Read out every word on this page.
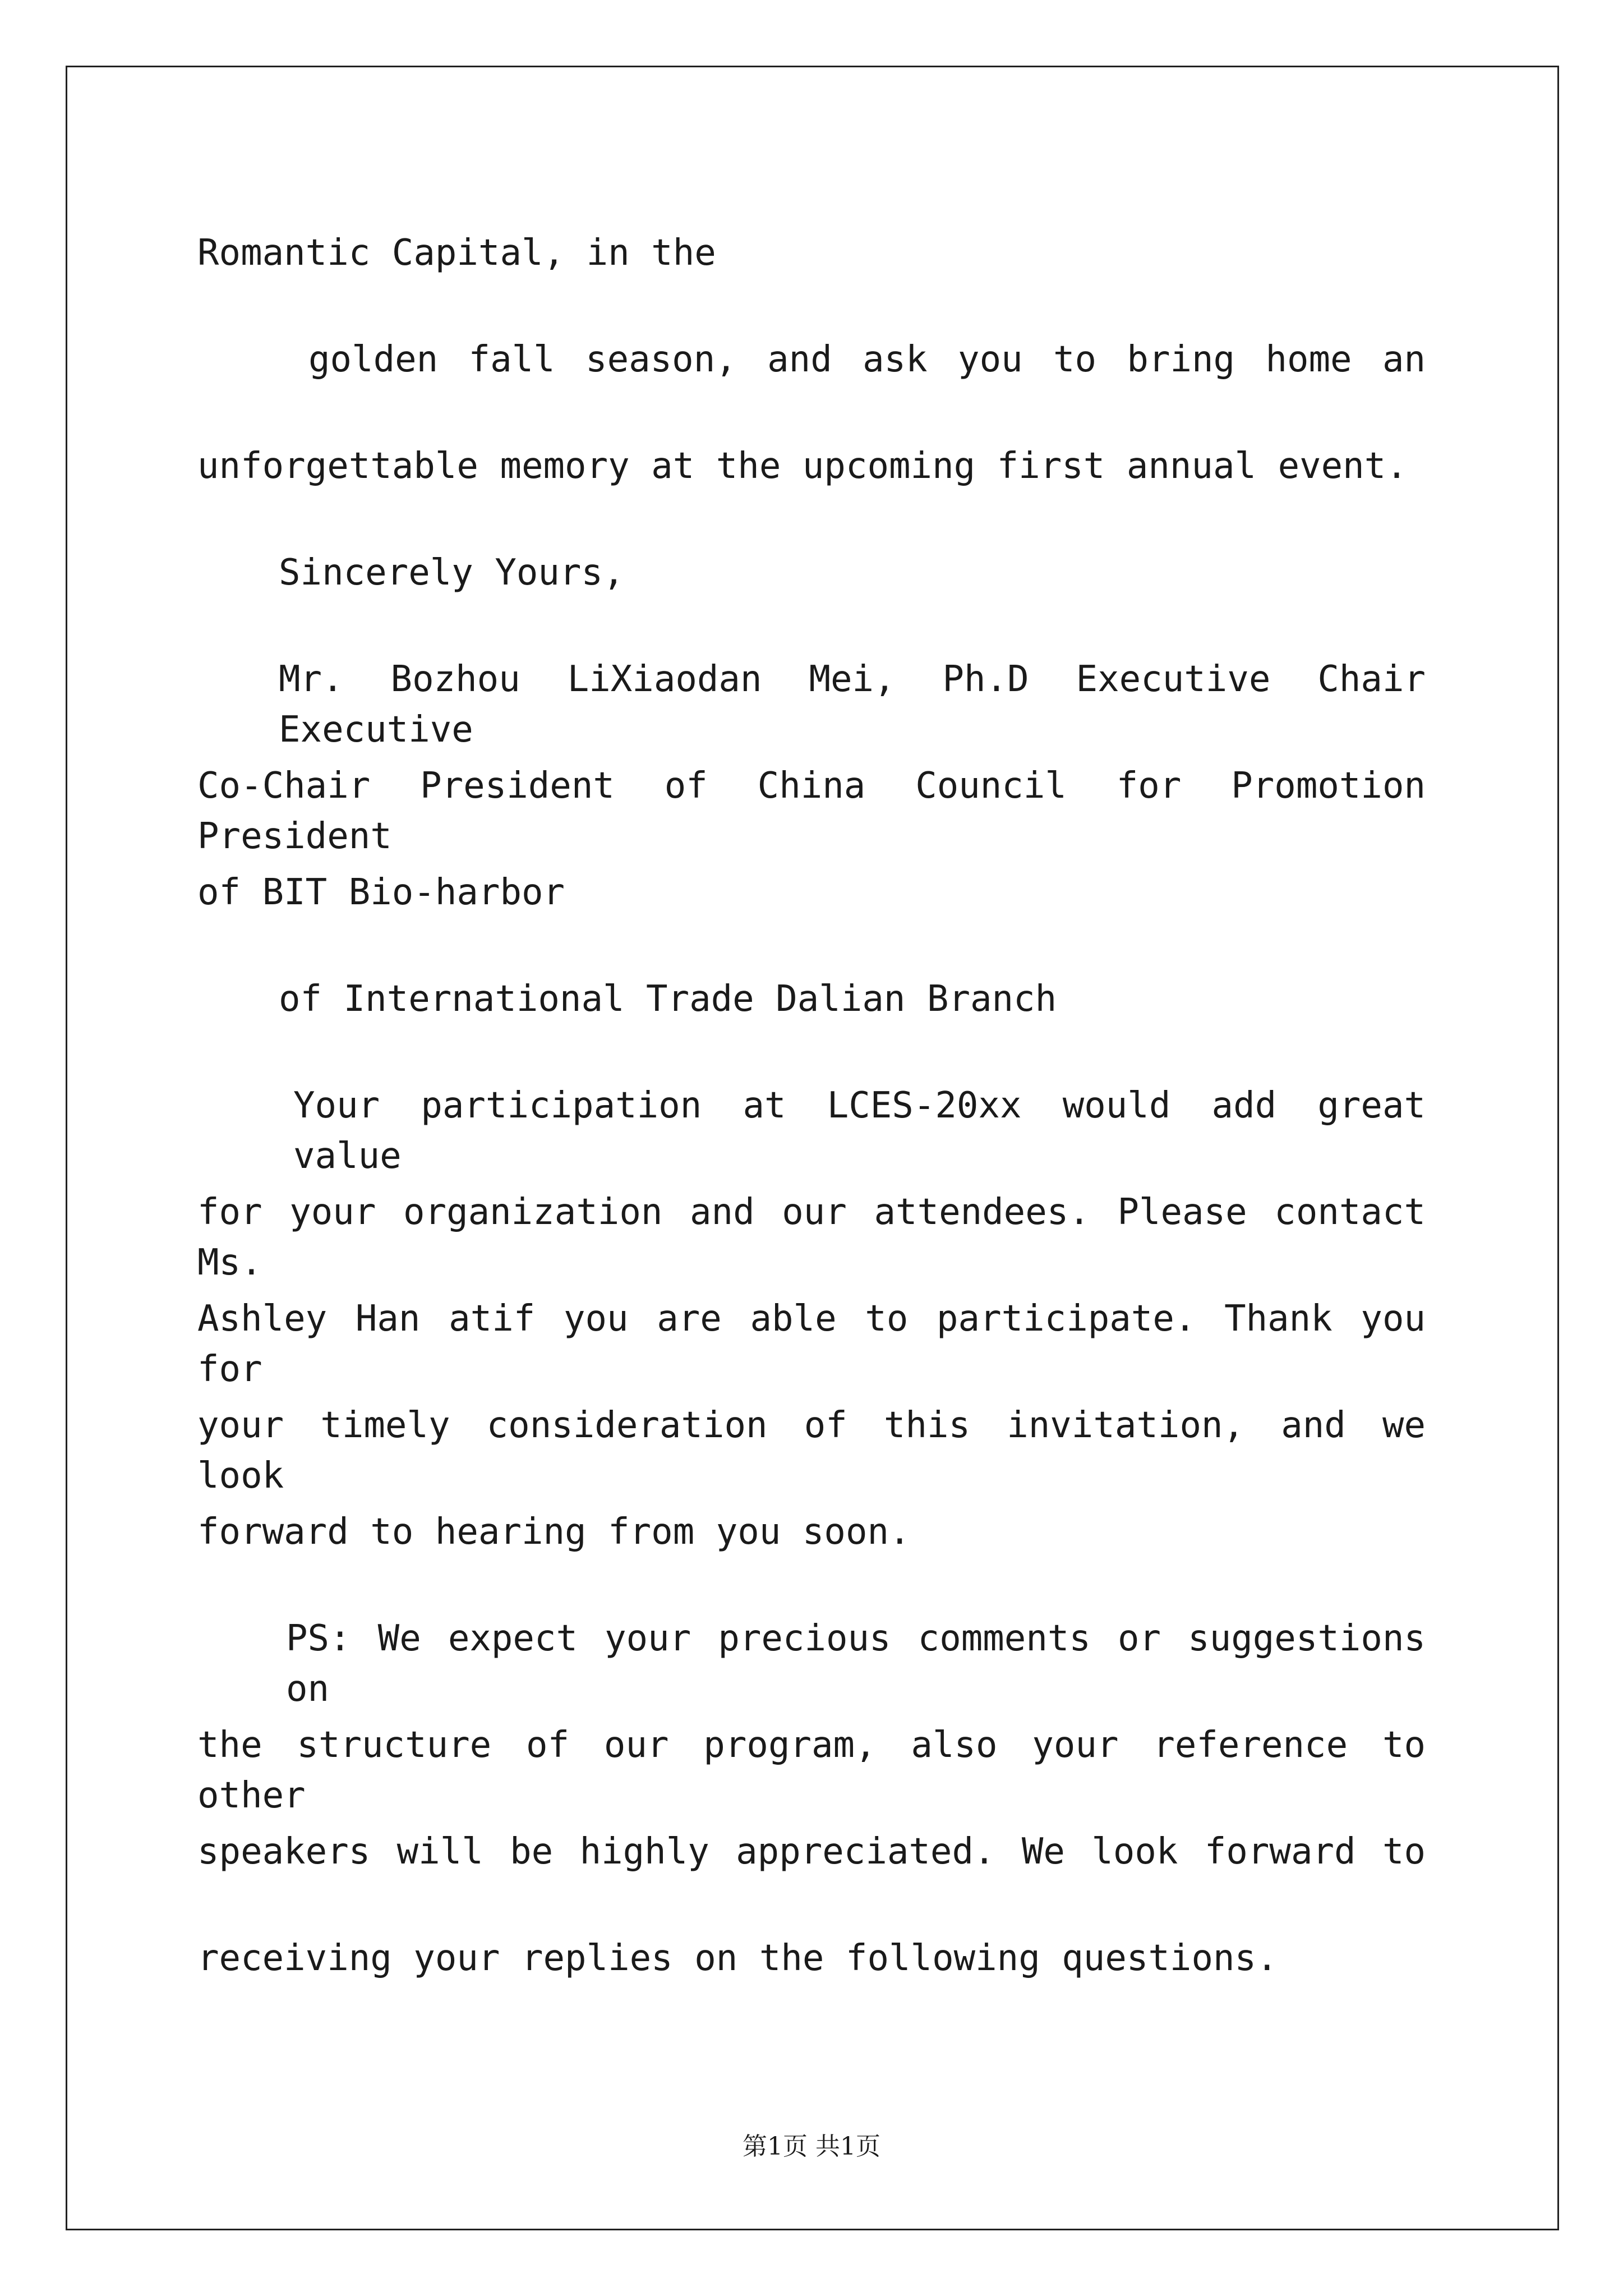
Romantic Capital, in the

golden fall season, and ask you to bring home an

unforgettable memory at the upcoming first annual event.

Sincerely Yours,

Mr. Bozhou LiXiaodan Mei, Ph.D Executive Chair Executive

Co-Chair President of China Council for Promotion President

of BIT Bio-harbor

of International Trade Dalian Branch

Your participation at LCES-20xx would add great value

for your organization and our attendees. Please contact Ms.

Ashley Han atif you are able to participate. Thank you for

your timely consideration of this invitation, and we look

forward to hearing from you soon.

PS: We expect your precious comments or suggestions on

the structure of our program, also your reference to other

speakers will be highly appreciated. We look forward to

receiving your replies on the following questions.

第1页 共1页
